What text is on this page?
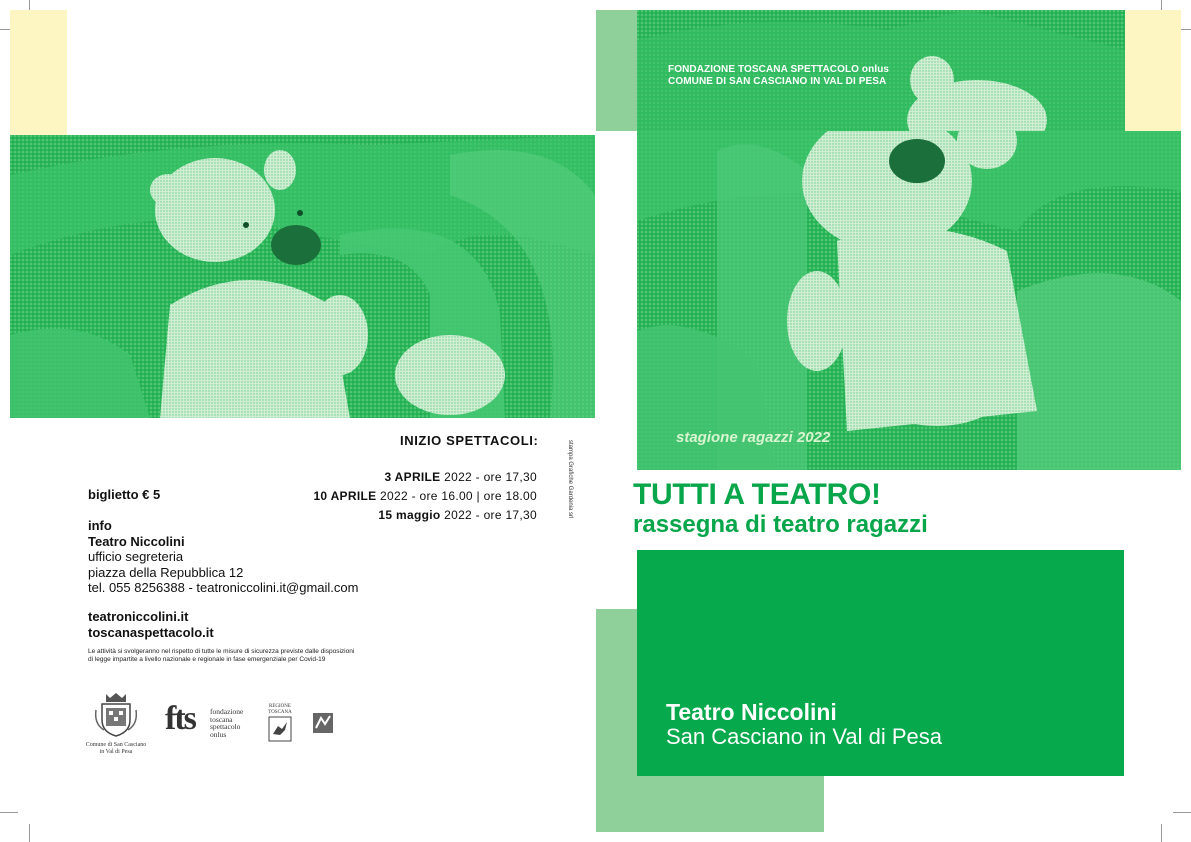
INIZIO SPETTACOLI:
3 APRILE 2022 - ore 17,30
10 APRILE 2022 - ore 16.00 | ore 18.00
15 maggio 2022 - ore 17,30
biglietto € 5
info
Teatro Niccolini
ufficio segreteria
piazza della Repubblica 12
tel. 055 8256388 - teatroniccolini.it@gmail.com
teatroniccolini.it
toscanaspettacolo.it
Le attività si svolgeranno nel rispetto di tutte le misure di sicurezza previste dalle disposizioni
di legge impartite a livello nazionale e regionale in fase emergenziale per Covid-19
stampa Grafiche Gardenia srl
Comune di San Casciano
in Val di Pesa
fts fondazione
toscana
spettacolo
onlus
REGIONE
TOSCANA
FONDAZIONE TOSCANA SPETTACOLO onlus
COMUNE DI SAN CASCIANO IN VAL DI PESA
stagione ragazzi 2022
TUTTI A TEATRO!
rassegna di teatro ragazzi
Teatro Niccolini
San Casciano in Val di Pesa
